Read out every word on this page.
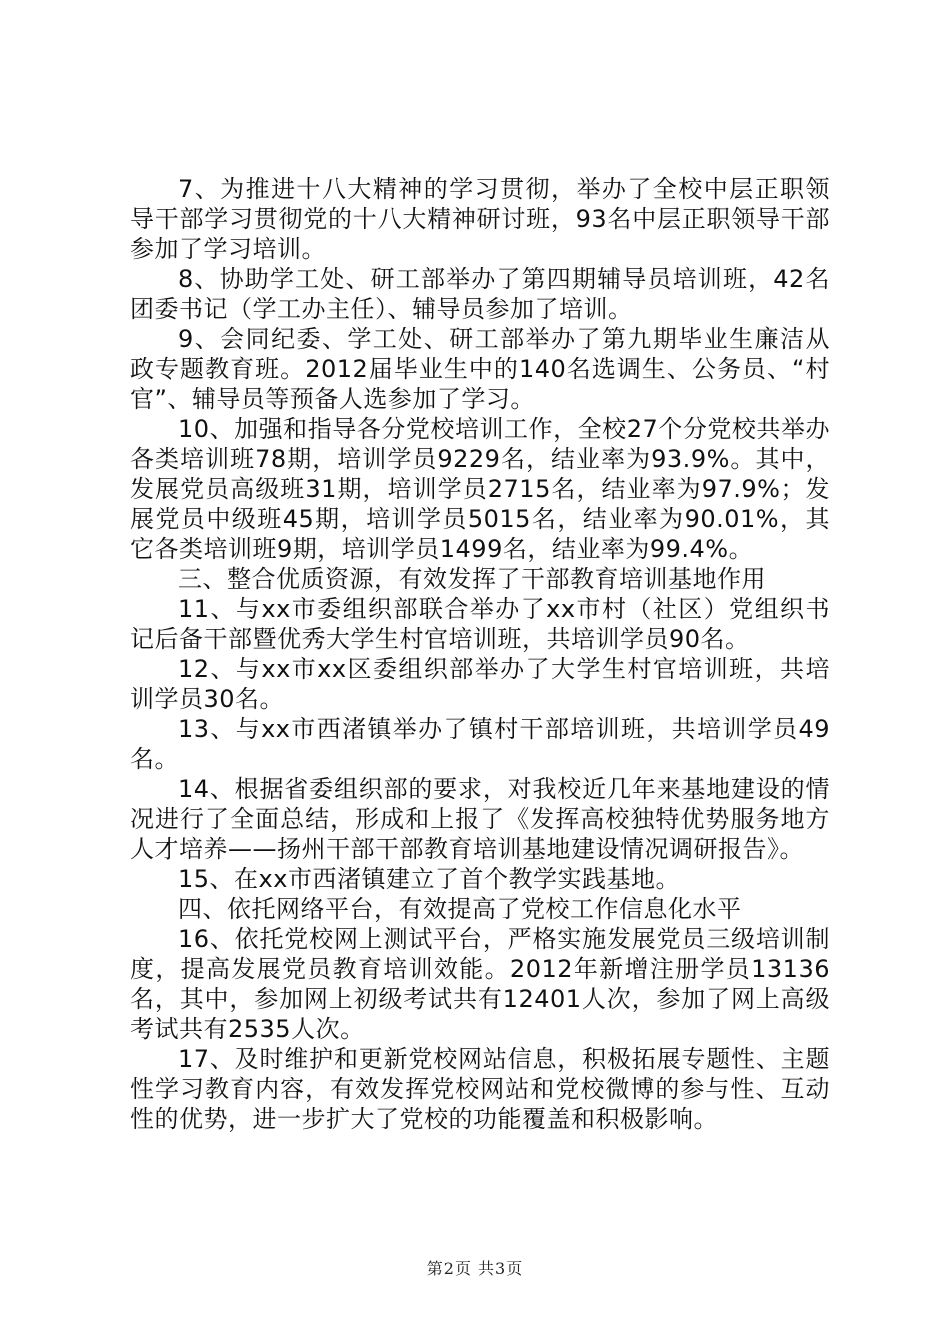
7、为推进十八大精神的学习贯彻，举办了全校中层正职领导干部学习贯彻党的十八大精神研讨班，93名中层正职领导干部参加了学习培训。

8、协助学工处、研工部举办了第四期辅导员培训班，42名团委书记（学工办主任）、辅导员参加了培训。

9、会同纪委、学工处、研工部举办了第九期毕业生廉洁从政专题教育班。2012届毕业生中的140名选调生、公务员、“村官”、辅导员等预备人选参加了学习。

10、加强和指导各分党校培训工作，全校27个分党校共举办各类培训班78期，培训学员9229名，结业率为93.9%。其中，发展党员高级班31期，培训学员2715名，结业率为97.9%；发展党员中级班45期，培训学员5015名，结业率为90.01%，其它各类培训班9期，培训学员1499名，结业率为99.4%。

三、整合优质资源，有效发挥了干部教育培训基地作用

11、与xx市委组织部联合举办了xx市村（社区）党组织书记后备干部暨优秀大学生村官培训班，共培训学员90名。

12、与xx市xx区委组织部举办了大学生村官培训班，共培训学员30名。

13、与xx市西渚镇举办了镇村干部培训班，共培训学员49名。

14、根据省委组织部的要求，对我校近几年来基地建设的情况进行了全面总结，形成和上报了《发挥高校独特优势服务地方人才培养——扬州干部干部教育培训基地建设情况调研报告》。

15、在xx市西渚镇建立了首个教学实践基地。

四、依托网络平台，有效提高了党校工作信息化水平

16、依托党校网上测试平台，严格实施发展党员三级培训制度，提高发展党员教育培训效能。2012年新增注册学员13136名，其中，参加网上初级考试共有12401人次，参加了网上高级考试共有2535人次。

17、及时维护和更新党校网站信息，积极拓展专题性、主题性学习教育内容，有效发挥党校网站和党校微博的参与性、互动性的优势，进一步扩大了党校的功能覆盖和积极影响。

第2页 共3页
